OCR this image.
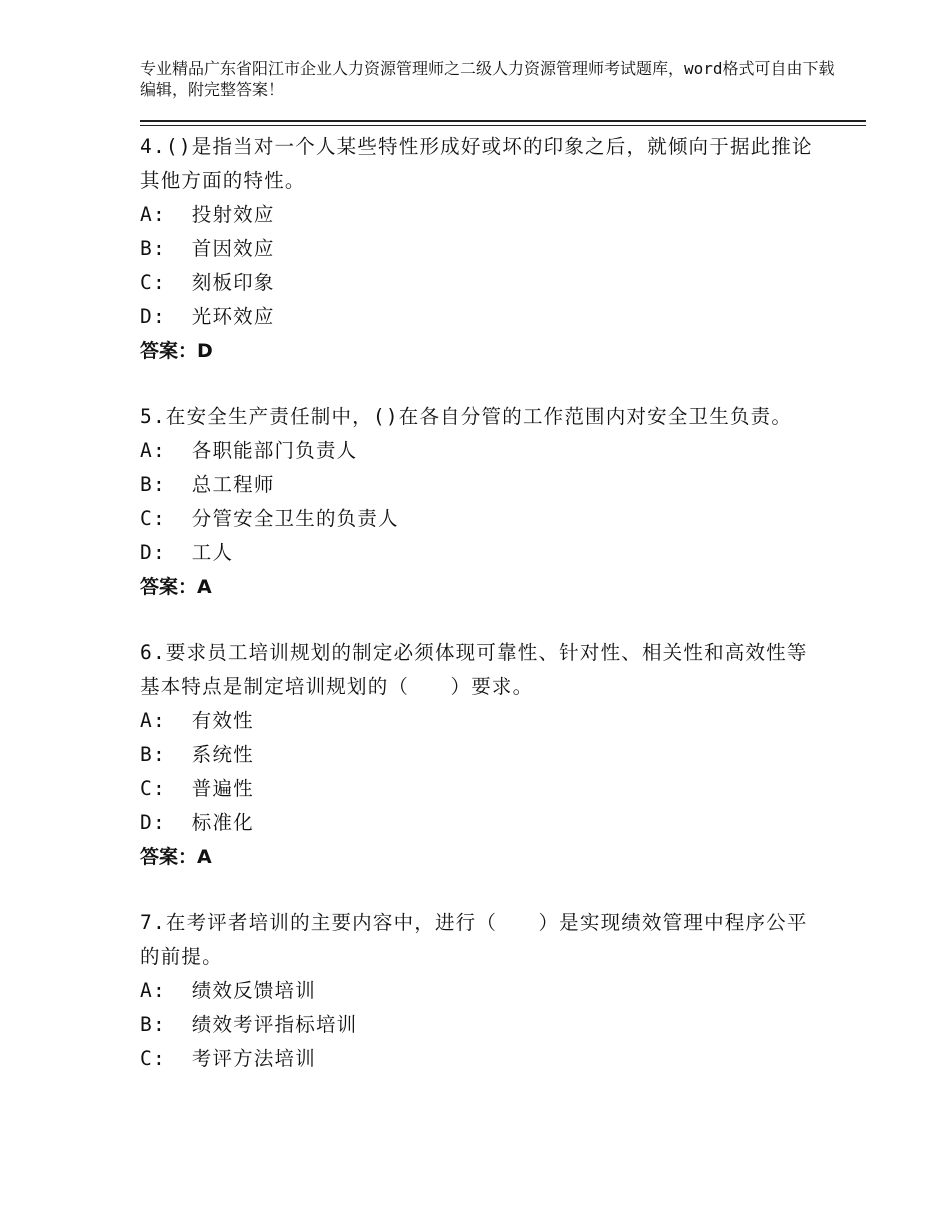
专业精品广东省阳江市企业人力资源管理师之二级人力资源管理师考试题库，word格式可自由下载编辑，附完整答案！
4.()是指当对一个人某些特性形成好或坏的印象之后，就倾向于据此推论其他方面的特性。
A:  投射效应
B:  首因效应
C:  刻板印象
D:  光环效应
答案：D
5.在安全生产责任制中，()在各自分管的工作范围内对安全卫生负责。
A:  各职能部门负责人
B:  总工程师
C:  分管安全卫生的负责人
D:  工人
答案：A
6.要求员工培训规划的制定必须体现可靠性、针对性、相关性和高效性等基本特点是制定培训规划的（　　）要求。
A:  有效性
B:  系统性
C:  普遍性
D:  标准化
答案：A
7.在考评者培训的主要内容中，进行（　　）是实现绩效管理中程序公平的前提。
A:  绩效反馈培训
B:  绩效考评指标培训
C:  考评方法培训
